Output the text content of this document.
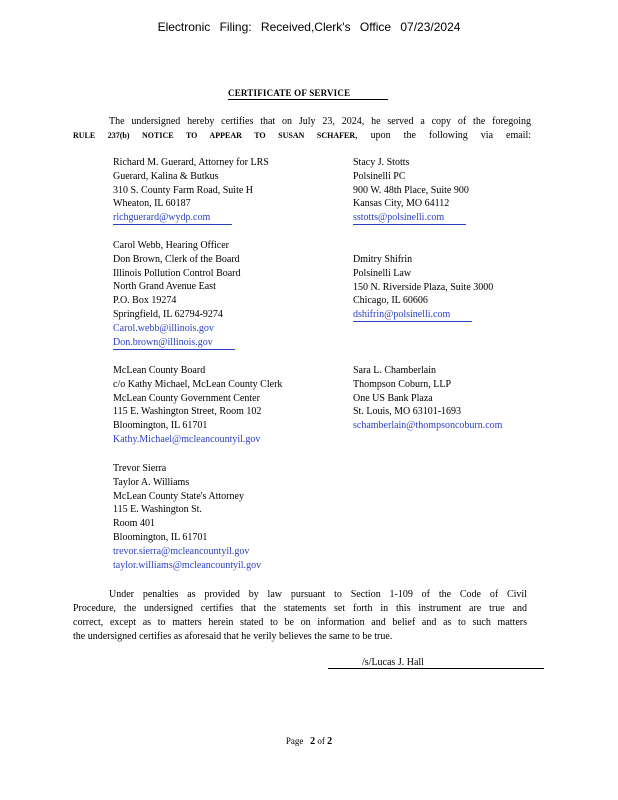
Electronic Filing: Received,Clerk's Office 07/23/2024
CERTIFICATE OF SERVICE
The undersigned hereby certifies that on July 23, 2024, he served a copy of the foregoing
RULE 237(b) NOTICE TO APPEAR TO SUSAN SCHAFER, upon the following via email:
Richard M. Guerard, Attorney for LRS
Guerard, Kalina & Butkus
310 S. County Farm Road, Suite H
Wheaton, IL 60187
richguerard@wydp.com
Stacy J. Stotts
Polsinelli PC
900 W. 48th Place, Suite 900
Kansas City, MO 64112
sstotts@polsinelli.com
Carol Webb, Hearing Officer
Don Brown, Clerk of the Board
Illinois Pollution Control Board
North Grand Avenue East
P.O. Box 19274
Springfield, IL 62794-9274
Carol.webb@illinois.gov
Don.brown@illinois.gov
Dmitry Shifrin
Polsinelli Law
150 N. Riverside Plaza, Suite 3000
Chicago, IL 60606
dshifrin@polsinelli.com
McLean County Board
c/o Kathy Michael, McLean County Clerk
McLean County Government Center
115 E. Washington Street, Room 102
Bloomington, IL 61701
Kathy.Michael@mcleancountyil.gov
Sara L. Chamberlain
Thompson Coburn, LLP
One US Bank Plaza
St. Louis, MO 63101-1693
schamberlain@thompsoncoburn.com
Trevor Sierra
Taylor A. Williams
McLean County State's Attorney
115 E. Washington St.
Room 401
Bloomington, IL 61701
trevor.sierra@mcleancountyil.gov
taylor.williams@mcleancountyil.gov
Under penalties as provided by law pursuant to Section 1-109 of the Code of Civil
Procedure, the undersigned certifies that the statements set forth in this instrument are true and
correct, except as to matters herein stated to be on information and belief and as to such matters
the undersigned certifies as aforesaid that he verily believes the same to be true.
/s/Lucas J. Hall
Page 2 of 2
